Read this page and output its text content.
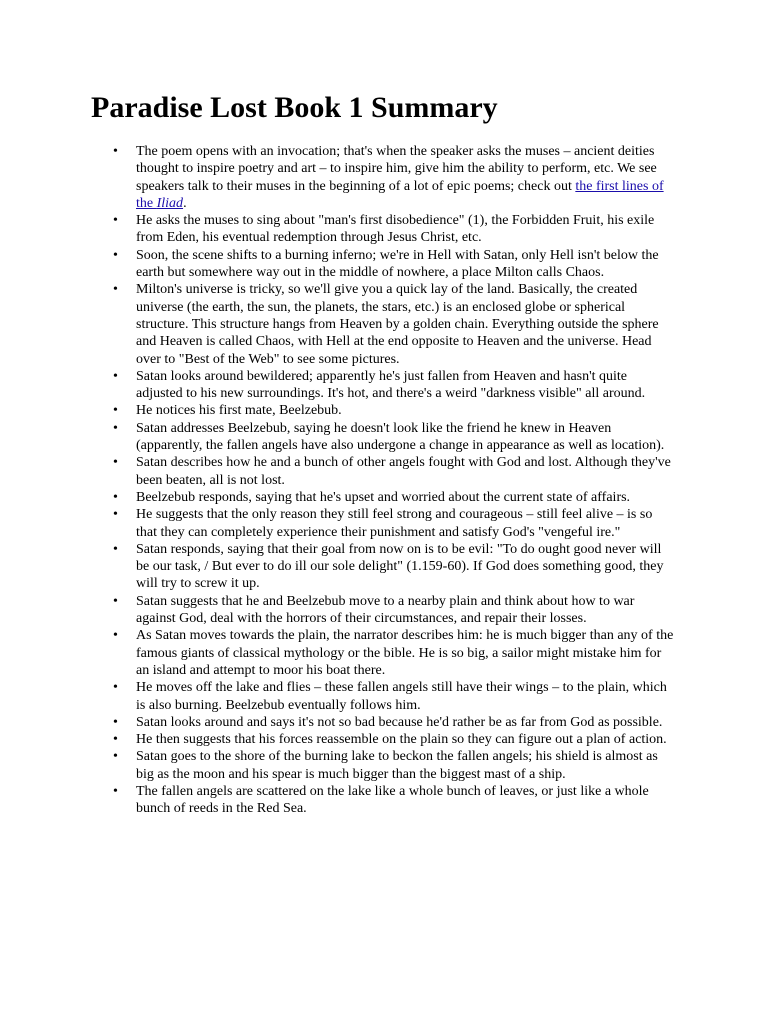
Paradise Lost Book 1 Summary
• The poem opens with an invocation; that's when the speaker asks the muses – ancient deities thought to inspire poetry and art – to inspire him, give him the ability to perform, etc. We see speakers talk to their muses in the beginning of a lot of epic poems; check out the first lines of the Iliad.
• He asks the muses to sing about "man's first disobedience" (1), the Forbidden Fruit, his exile from Eden, his eventual redemption through Jesus Christ, etc.
• Soon, the scene shifts to a burning inferno; we're in Hell with Satan, only Hell isn't below the earth but somewhere way out in the middle of nowhere, a place Milton calls Chaos.
• Milton's universe is tricky, so we'll give you a quick lay of the land. Basically, the created universe (the earth, the sun, the planets, the stars, etc.) is an enclosed globe or spherical structure. This structure hangs from Heaven by a golden chain. Everything outside the sphere and Heaven is called Chaos, with Hell at the end opposite to Heaven and the universe. Head over to "Best of the Web" to see some pictures.
• Satan looks around bewildered; apparently he's just fallen from Heaven and hasn't quite adjusted to his new surroundings. It's hot, and there's a weird "darkness visible" all around.
• He notices his first mate, Beelzebub.
• Satan addresses Beelzebub, saying he doesn't look like the friend he knew in Heaven (apparently, the fallen angels have also undergone a change in appearance as well as location).
• Satan describes how he and a bunch of other angels fought with God and lost. Although they've been beaten, all is not lost.
• Beelzebub responds, saying that he's upset and worried about the current state of affairs.
• He suggests that the only reason they still feel strong and courageous – still feel alive – is so that they can completely experience their punishment and satisfy God's "vengeful ire."
• Satan responds, saying that their goal from now on is to be evil: "To do ought good never will be our task, / But ever to do ill our sole delight" (1.159-60). If God does something good, they will try to screw it up.
• Satan suggests that he and Beelzebub move to a nearby plain and think about how to war against God, deal with the horrors of their circumstances, and repair their losses.
• As Satan moves towards the plain, the narrator describes him: he is much bigger than any of the famous giants of classical mythology or the bible. He is so big, a sailor might mistake him for an island and attempt to moor his boat there.
• He moves off the lake and flies – these fallen angels still have their wings – to the plain, which is also burning. Beelzebub eventually follows him.
• Satan looks around and says it's not so bad because he'd rather be as far from God as possible.
• He then suggests that his forces reassemble on the plain so they can figure out a plan of action.
• Satan goes to the shore of the burning lake to beckon the fallen angels; his shield is almost as big as the moon and his spear is much bigger than the biggest mast of a ship.
• The fallen angels are scattered on the lake like a whole bunch of leaves, or just like a whole bunch of reeds in the Red Sea.
